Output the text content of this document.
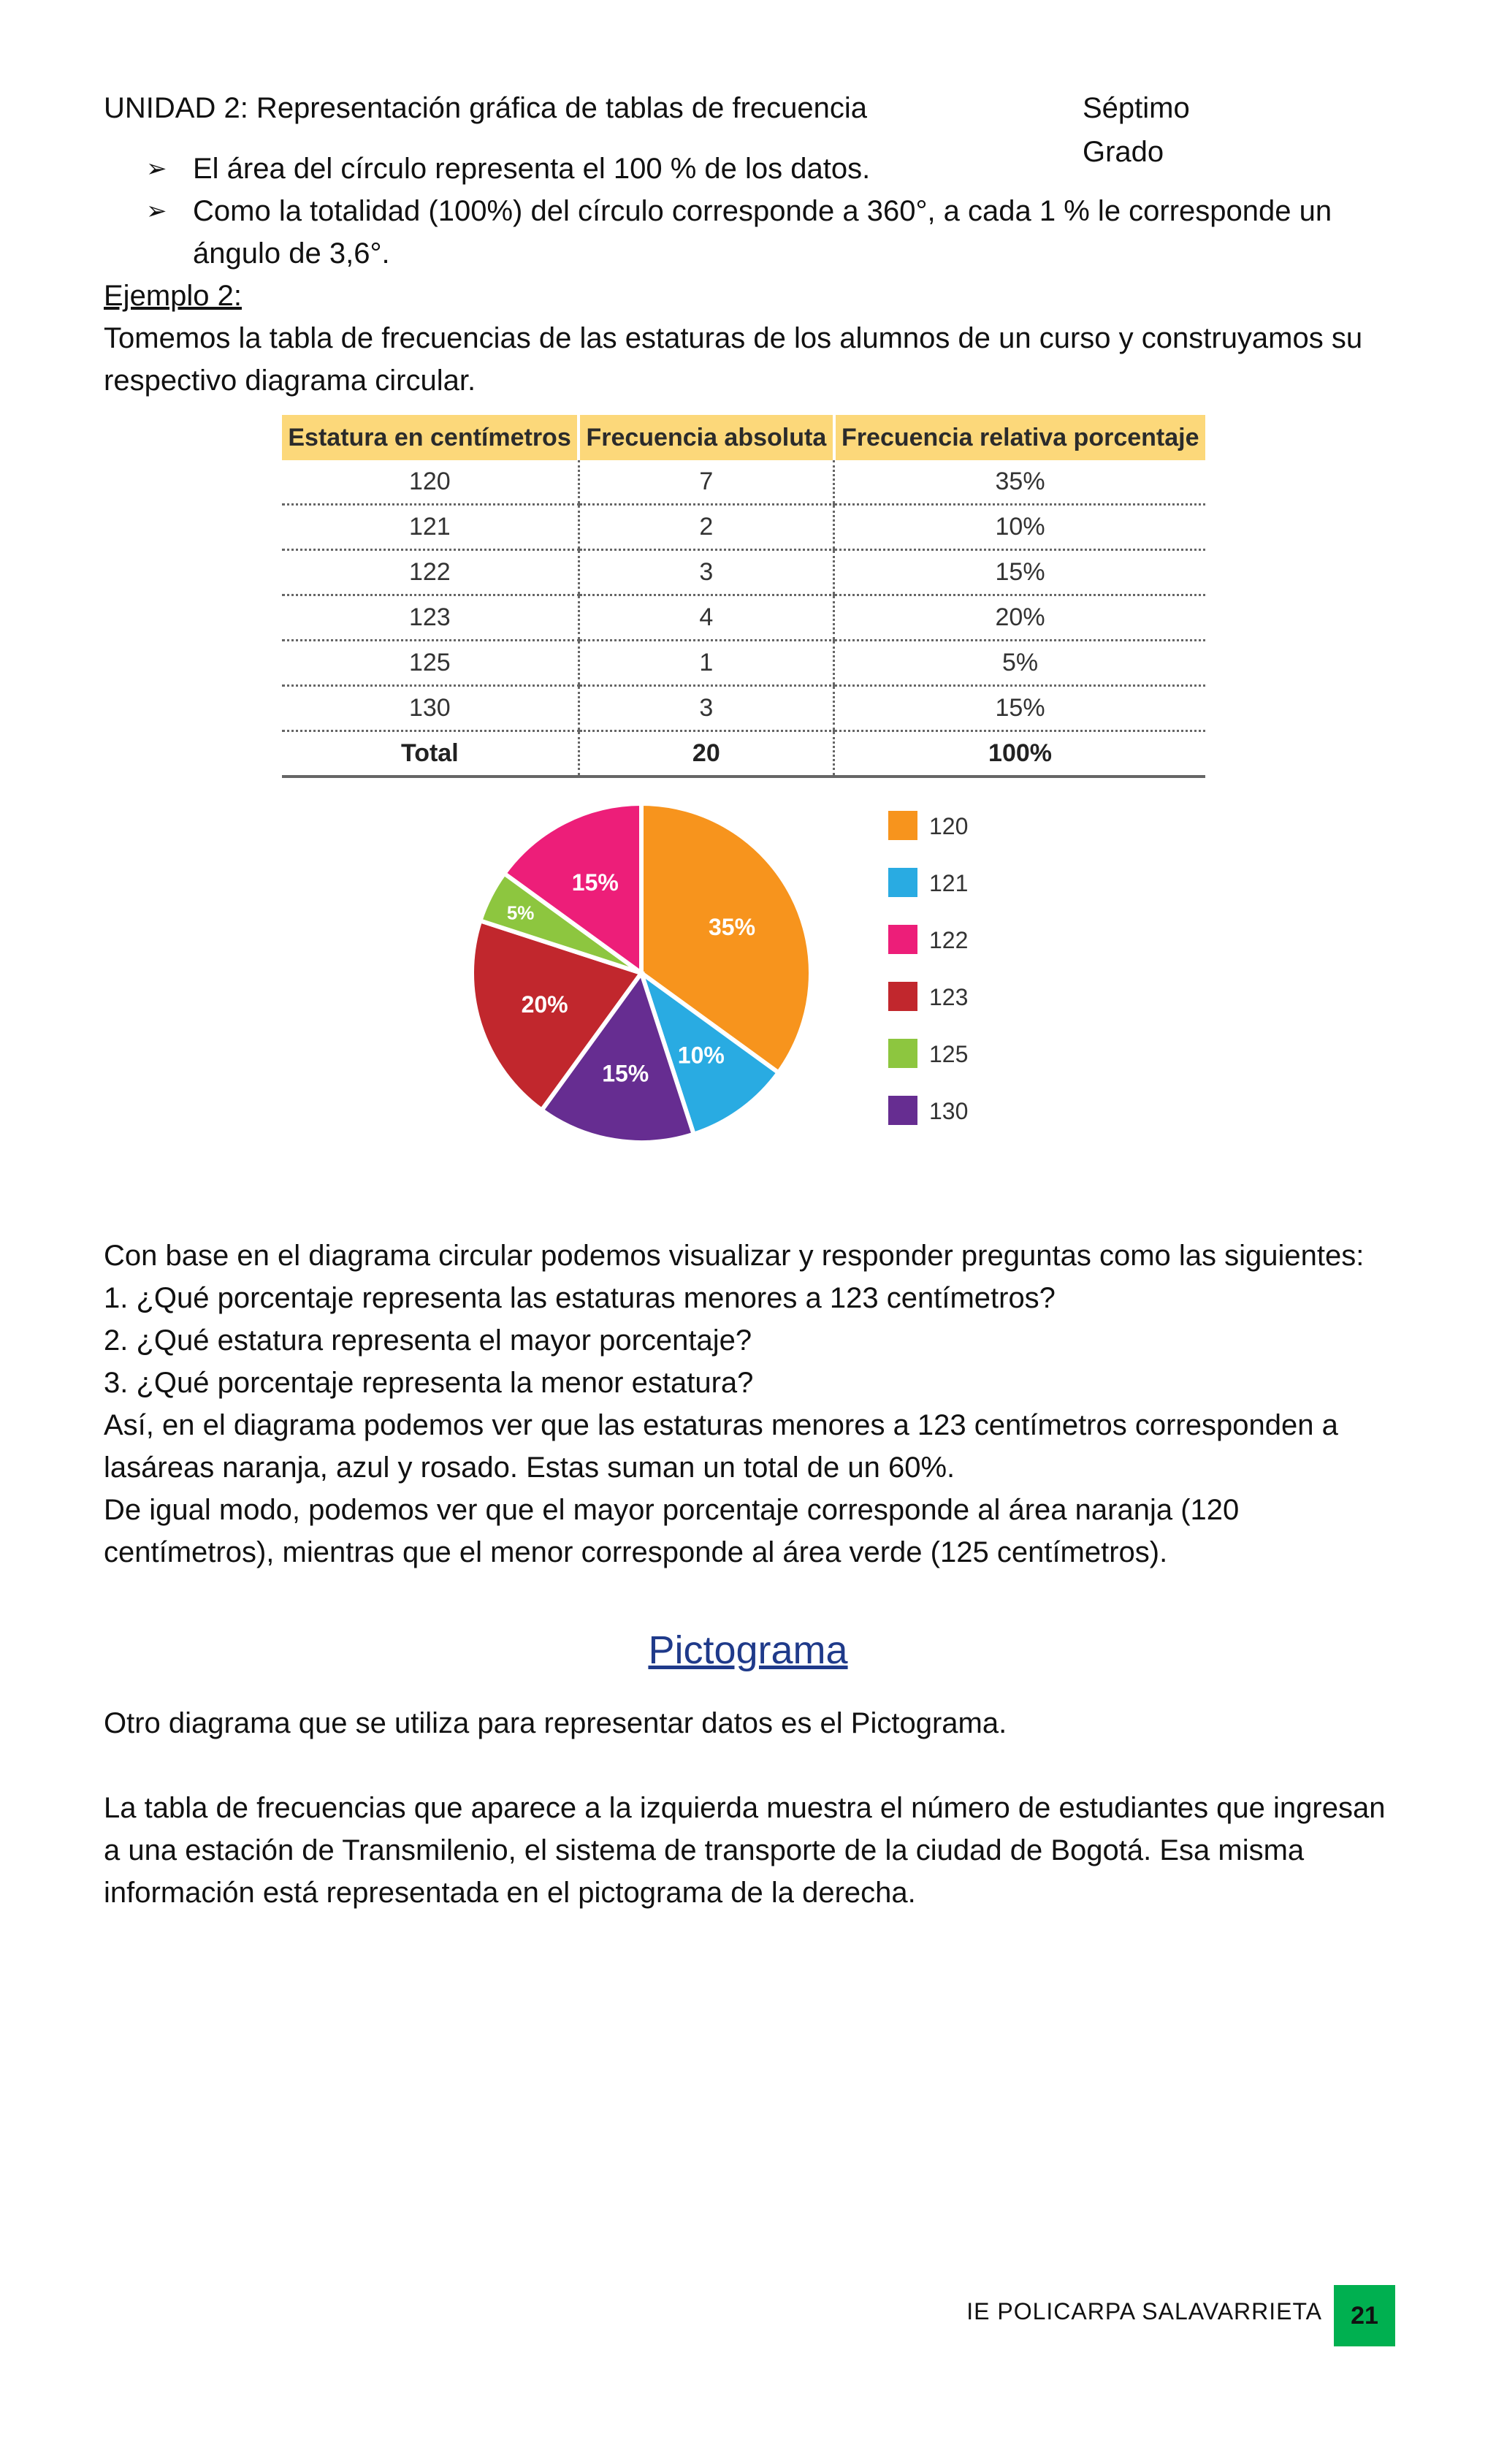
UNIDAD 2: Representación gráfica de tablas de frecuencia	Séptimo Grado

➢ El área del círculo representa el 100 % de los datos.

➢ Como la totalidad (100%) del círculo corresponde a 360°, a cada 1 % le corresponde un ángulo de 3,6°.

Ejemplo 2:
Tomemos la tabla de frecuencias de las estaturas de los alumnos de un curso y construyamos su respectivo diagrama circular.
Estatura en centímetros	Frecuencia absoluta	Frecuencia relativa porcentaje
120	7	35%
121	2	10%
122	3	15%
123	4	20%
125	1	5%
130	3	15%
Total	20	100%
35%
10%
15%
20%
5%
15%
120
121
122
123
125
130
Con base en el diagrama circular podemos visualizar y responder preguntas como las siguientes:
1. ¿Qué porcentaje representa las estaturas menores a 123 centímetros?
2. ¿Qué estatura representa el mayor porcentaje?
3. ¿Qué porcentaje representa la menor estatura?
Así, en el diagrama podemos ver que las estaturas menores a 123 centímetros corresponden a lasáreas naranja, azul y rosado. Estas suman un total de un 60%.
De igual modo, podemos ver que el mayor porcentaje corresponde al área naranja (120 centímetros), mientras que el menor corresponde al área verde (125 centímetros).
Pictograma
Otro diagrama que se utiliza para representar datos es el Pictograma.
La tabla de frecuencias que aparece a la izquierda muestra el número de estudiantes que ingresan a una estación de Transmilenio, el sistema de transporte de la ciudad de Bogotá. Esa misma información está representada en el pictograma de la derecha.
IE POLICARPA SALAVARRIETA	21
